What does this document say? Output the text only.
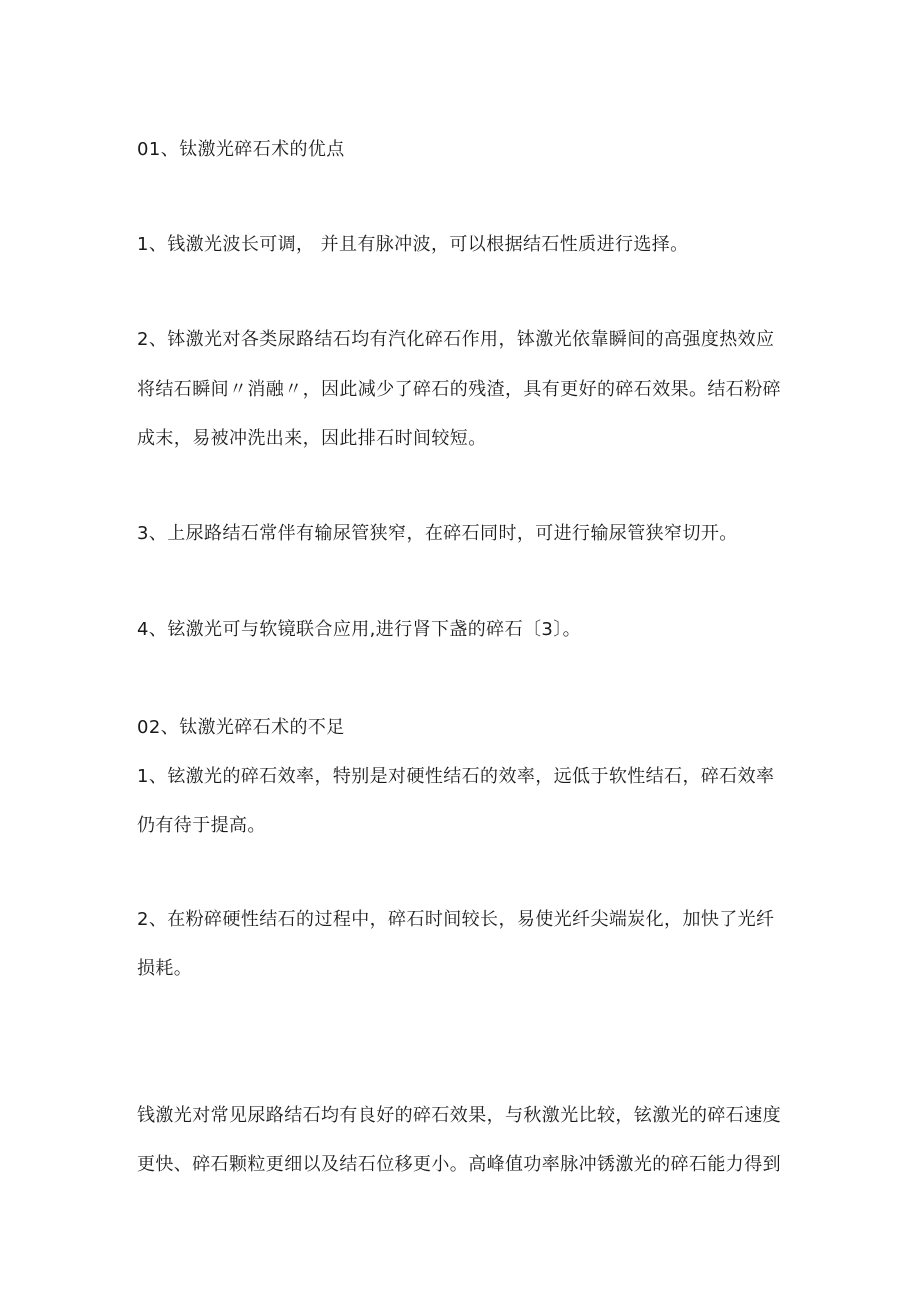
01、钛激光碎石术的优点
1、钱激光波长可调， 并且有脉冲波，可以根据结石性质进行选择。
2、钵激光对各类尿路结石均有汽化碎石作用，钵激光依靠瞬间的高强度热效应
将结石瞬间〃消融〃，因此减少了碎石的残渣，具有更好的碎石效果。结石粉碎
成末，易被冲洗出来，因此排石时间较短。
3、上尿路结石常伴有输尿管狭窄，在碎石同时，可进行输尿管狭窄切开。
4、铉激光可与软镜联合应用,进行肾下盏的碎石〔3〕。
02、钛激光碎石术的不足
1、铉激光的碎石效率，特别是对硬性结石的效率，远低于软性结石，碎石效率
仍有待于提高。
2、在粉碎硬性结石的过程中，碎石时间较长，易使光纤尖端炭化，加快了光纤
损耗。
钱激光对常见尿路结石均有良好的碎石效果，与秋激光比较，铉激光的碎石速度
更快、碎石颗粒更细以及结石位移更小。高峰值功率脉冲锈激光的碎石能力得到
